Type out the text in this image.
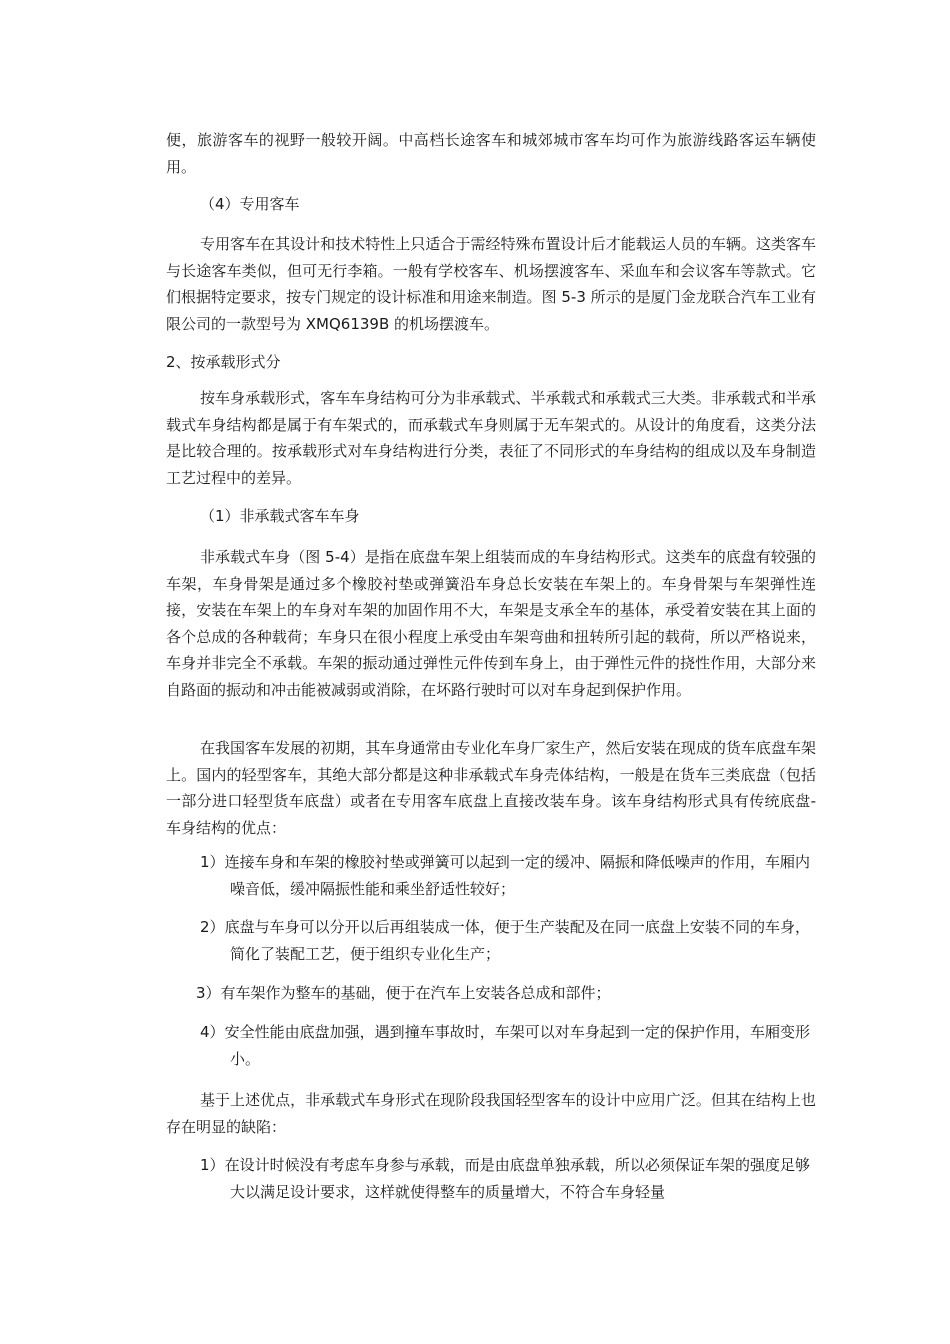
便，旅游客车的视野一般较开阔。中高档长途客车和城郊城市客车均可作为旅游线路客运车辆使用。

（4）专用客车

专用客车在其设计和技术特性上只适合于需经特殊布置设计后才能载运人员的车辆。这类客车与长途客车类似，但可无行李箱。一般有学校客车、机场摆渡客车、采血车和会议客车等款式。它们根据特定要求，按专门规定的设计标准和用途来制造。图 5-3 所示的是厦门金龙联合汽车工业有限公司的一款型号为 XMQ6139B 的机场摆渡车。

2、按承载形式分

按车身承载形式，客车车身结构可分为非承载式、半承载式和承载式三大类。非承载式和半承载式车身结构都是属于有车架式的，而承载式车身则属于无车架式的。从设计的角度看，这类分法是比较合理的。按承载形式对车身结构进行分类，表征了不同形式的车身结构的组成以及车身制造工艺过程中的差异。

（1）非承载式客车车身

非承载式车身（图 5-4）是指在底盘车架上组装而成的车身结构形式。这类车的底盘有较强的车架，车身骨架是通过多个橡胶衬垫或弹簧沿车身总长安装在车架上的。车身骨架与车架弹性连接，安装在车架上的车身对车架的加固作用不大，车架是支承全车的基体，承受着安装在其上面的各个总成的各种载荷；车身只在很小程度上承受由车架弯曲和扭转所引起的载荷，所以严格说来，车身并非完全不承载。车架的振动通过弹性元件传到车身上，由于弹性元件的挠性作用，大部分来自路面的振动和冲击能被减弱或消除，在坏路行驶时可以对车身起到保护作用。

在我国客车发展的初期，其车身通常由专业化车身厂家生产，然后安装在现成的货车底盘车架上。国内的轻型客车，其绝大部分都是这种非承载式车身壳体结构，一般是在货车三类底盘（包括一部分进口轻型货车底盘）或者在专用客车底盘上直接改装车身。该车身结构形式具有传统底盘-车身结构的优点：

1）连接车身和车架的橡胶衬垫或弹簧可以起到一定的缓冲、隔振和降低噪声的作用，车厢内噪音低，缓冲隔振性能和乘坐舒适性较好；

2）底盘与车身可以分开以后再组装成一体，便于生产装配及在同一底盘上安装不同的车身，简化了装配工艺，便于组织专业化生产；

3）有车架作为整车的基础，便于在汽车上安装各总成和部件；

4）安全性能由底盘加强，遇到撞车事故时，车架可以对车身起到一定的保护作用，车厢变形小。

基于上述优点，非承载式车身形式在现阶段我国轻型客车的设计中应用广泛。但其在结构上也存在明显的缺陷：

1）在设计时候没有考虑车身参与承载，而是由底盘单独承载，所以必须保证车架的强度足够大以满足设计要求，这样就使得整车的质量增大，不符合车身轻量
